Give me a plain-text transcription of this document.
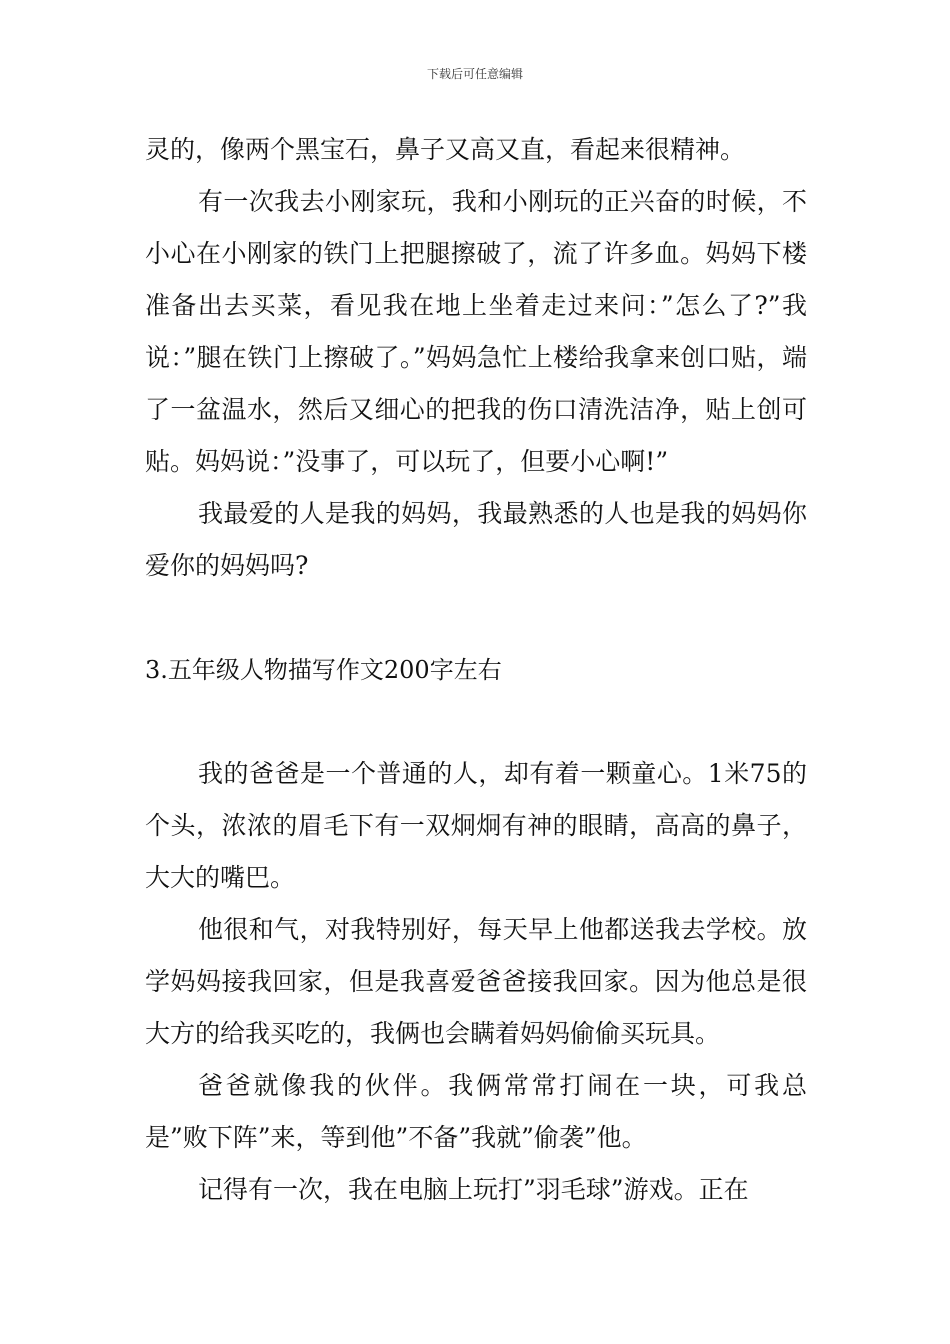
下载后可任意编辑

灵的，像两个黑宝石，鼻子又高又直，看起来很精神。

有一次我去小刚家玩，我和小刚玩的正兴奋的时候，不小心在小刚家的铁门上把腿擦破了，流了许多血。妈妈下楼准备出去买菜，看见我在地上坐着走过来问：”怎么了?”我说：”腿在铁门上擦破了。”妈妈急忙上楼给我拿来创口贴，端了一盆温水，然后又细心的把我的伤口清洗洁净，贴上创可贴。妈妈说：”没事了，可以玩了，但要小心啊!”

我最爱的人是我的妈妈，我最熟悉的人也是我的妈妈你爱你的妈妈吗?

3.五年级人物描写作文200字左右

我的爸爸是一个普通的人，却有着一颗童心。1米75的个头，浓浓的眉毛下有一双炯炯有神的眼睛，高高的鼻子，大大的嘴巴。

他很和气，对我特别好，每天早上他都送我去学校。放学妈妈接我回家，但是我喜爱爸爸接我回家。因为他总是很大方的给我买吃的，我俩也会瞒着妈妈偷偷买玩具。

爸爸就像我的伙伴。我俩常常打闹在一块，可我总是”败下阵”来，等到他”不备”我就”偷袭”他。

记得有一次，我在电脑上玩打”羽毛球”游戏。正在
